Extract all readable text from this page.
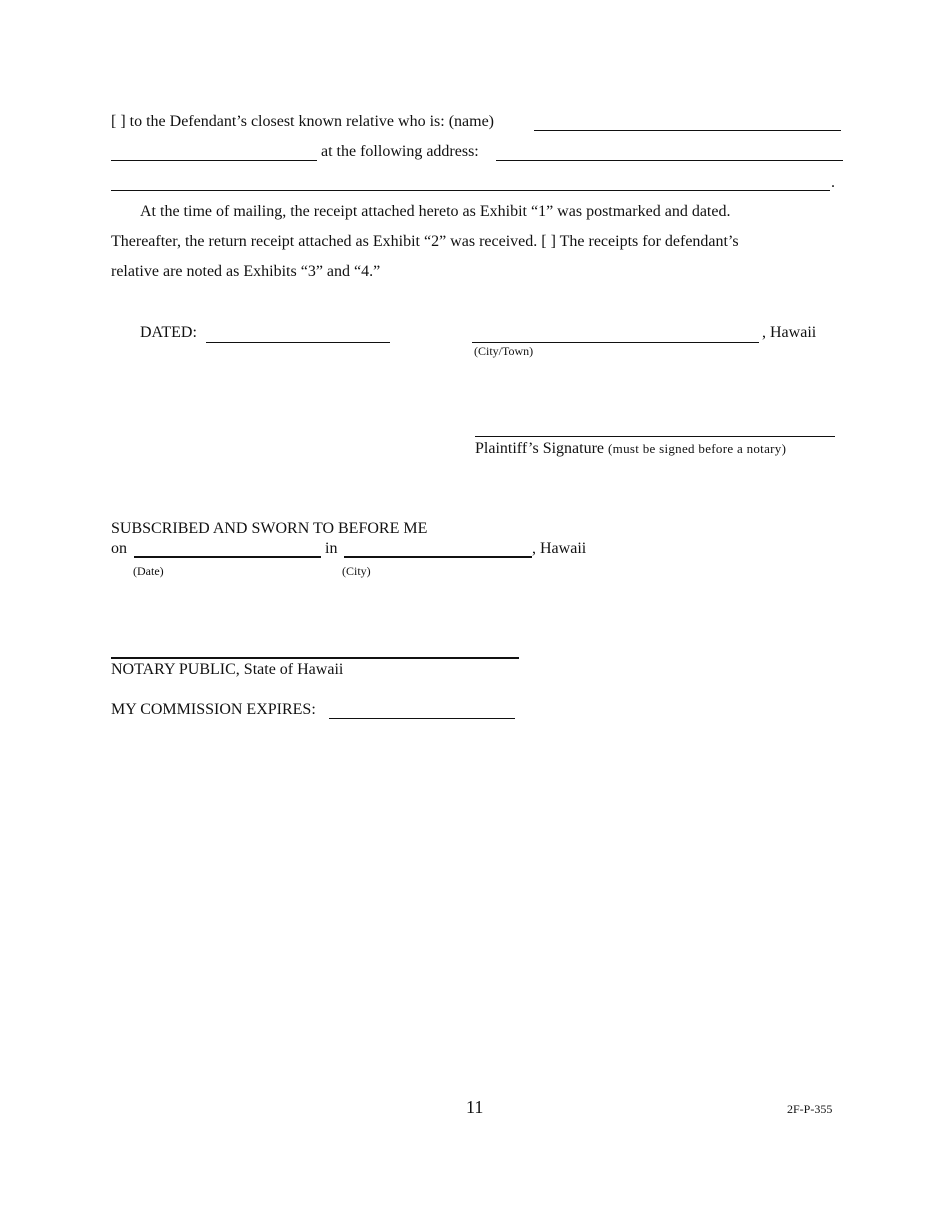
[ ] to the Defendant’s closest known relative who is: (name)
at the following address:
.
At the time of mailing, the receipt attached hereto as Exhibit “1” was postmarked and dated.
Thereafter, the return receipt attached as Exhibit “2” was received. [ ] The receipts for defendant’s
relative are noted as Exhibits “3” and “4.”
DATED:	, Hawaii
(City/Town)
Plaintiff’s Signature (must be signed before a notary)
SUBSCRIBED AND SWORN TO BEFORE ME
on	in	, Hawaii
(Date)	(City)
NOTARY PUBLIC, State of Hawaii
MY COMMISSION EXPIRES:
11	2F-P-355
